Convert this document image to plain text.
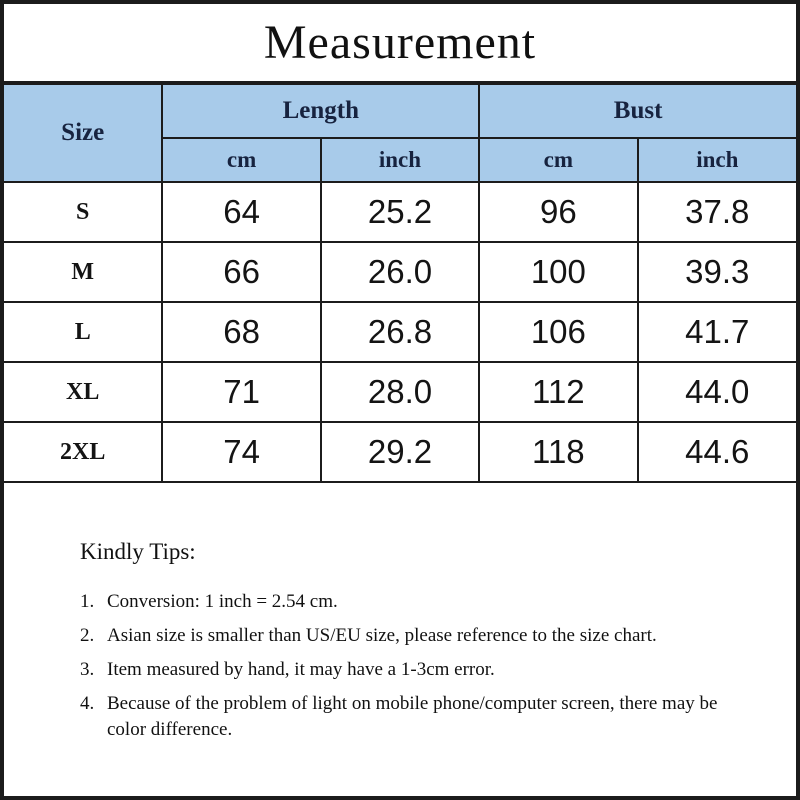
Measurement
Size	Length		Bust	
	cm	inch	cm	inch
S	64	25.2	96	37.8
M	66	26.0	100	39.3
L	68	26.8	106	41.7
XL	71	28.0	112	44.0
2XL	74	29.2	118	44.6
Kindly Tips:
1. Conversion: 1 inch = 2.54 cm.
2. Asian size is smaller than US/EU size, please reference to the size chart.
3. Item measured by hand, it may have a 1-3cm error.
4. Because of the problem of light on mobile phone/computer screen, there may be color difference.
